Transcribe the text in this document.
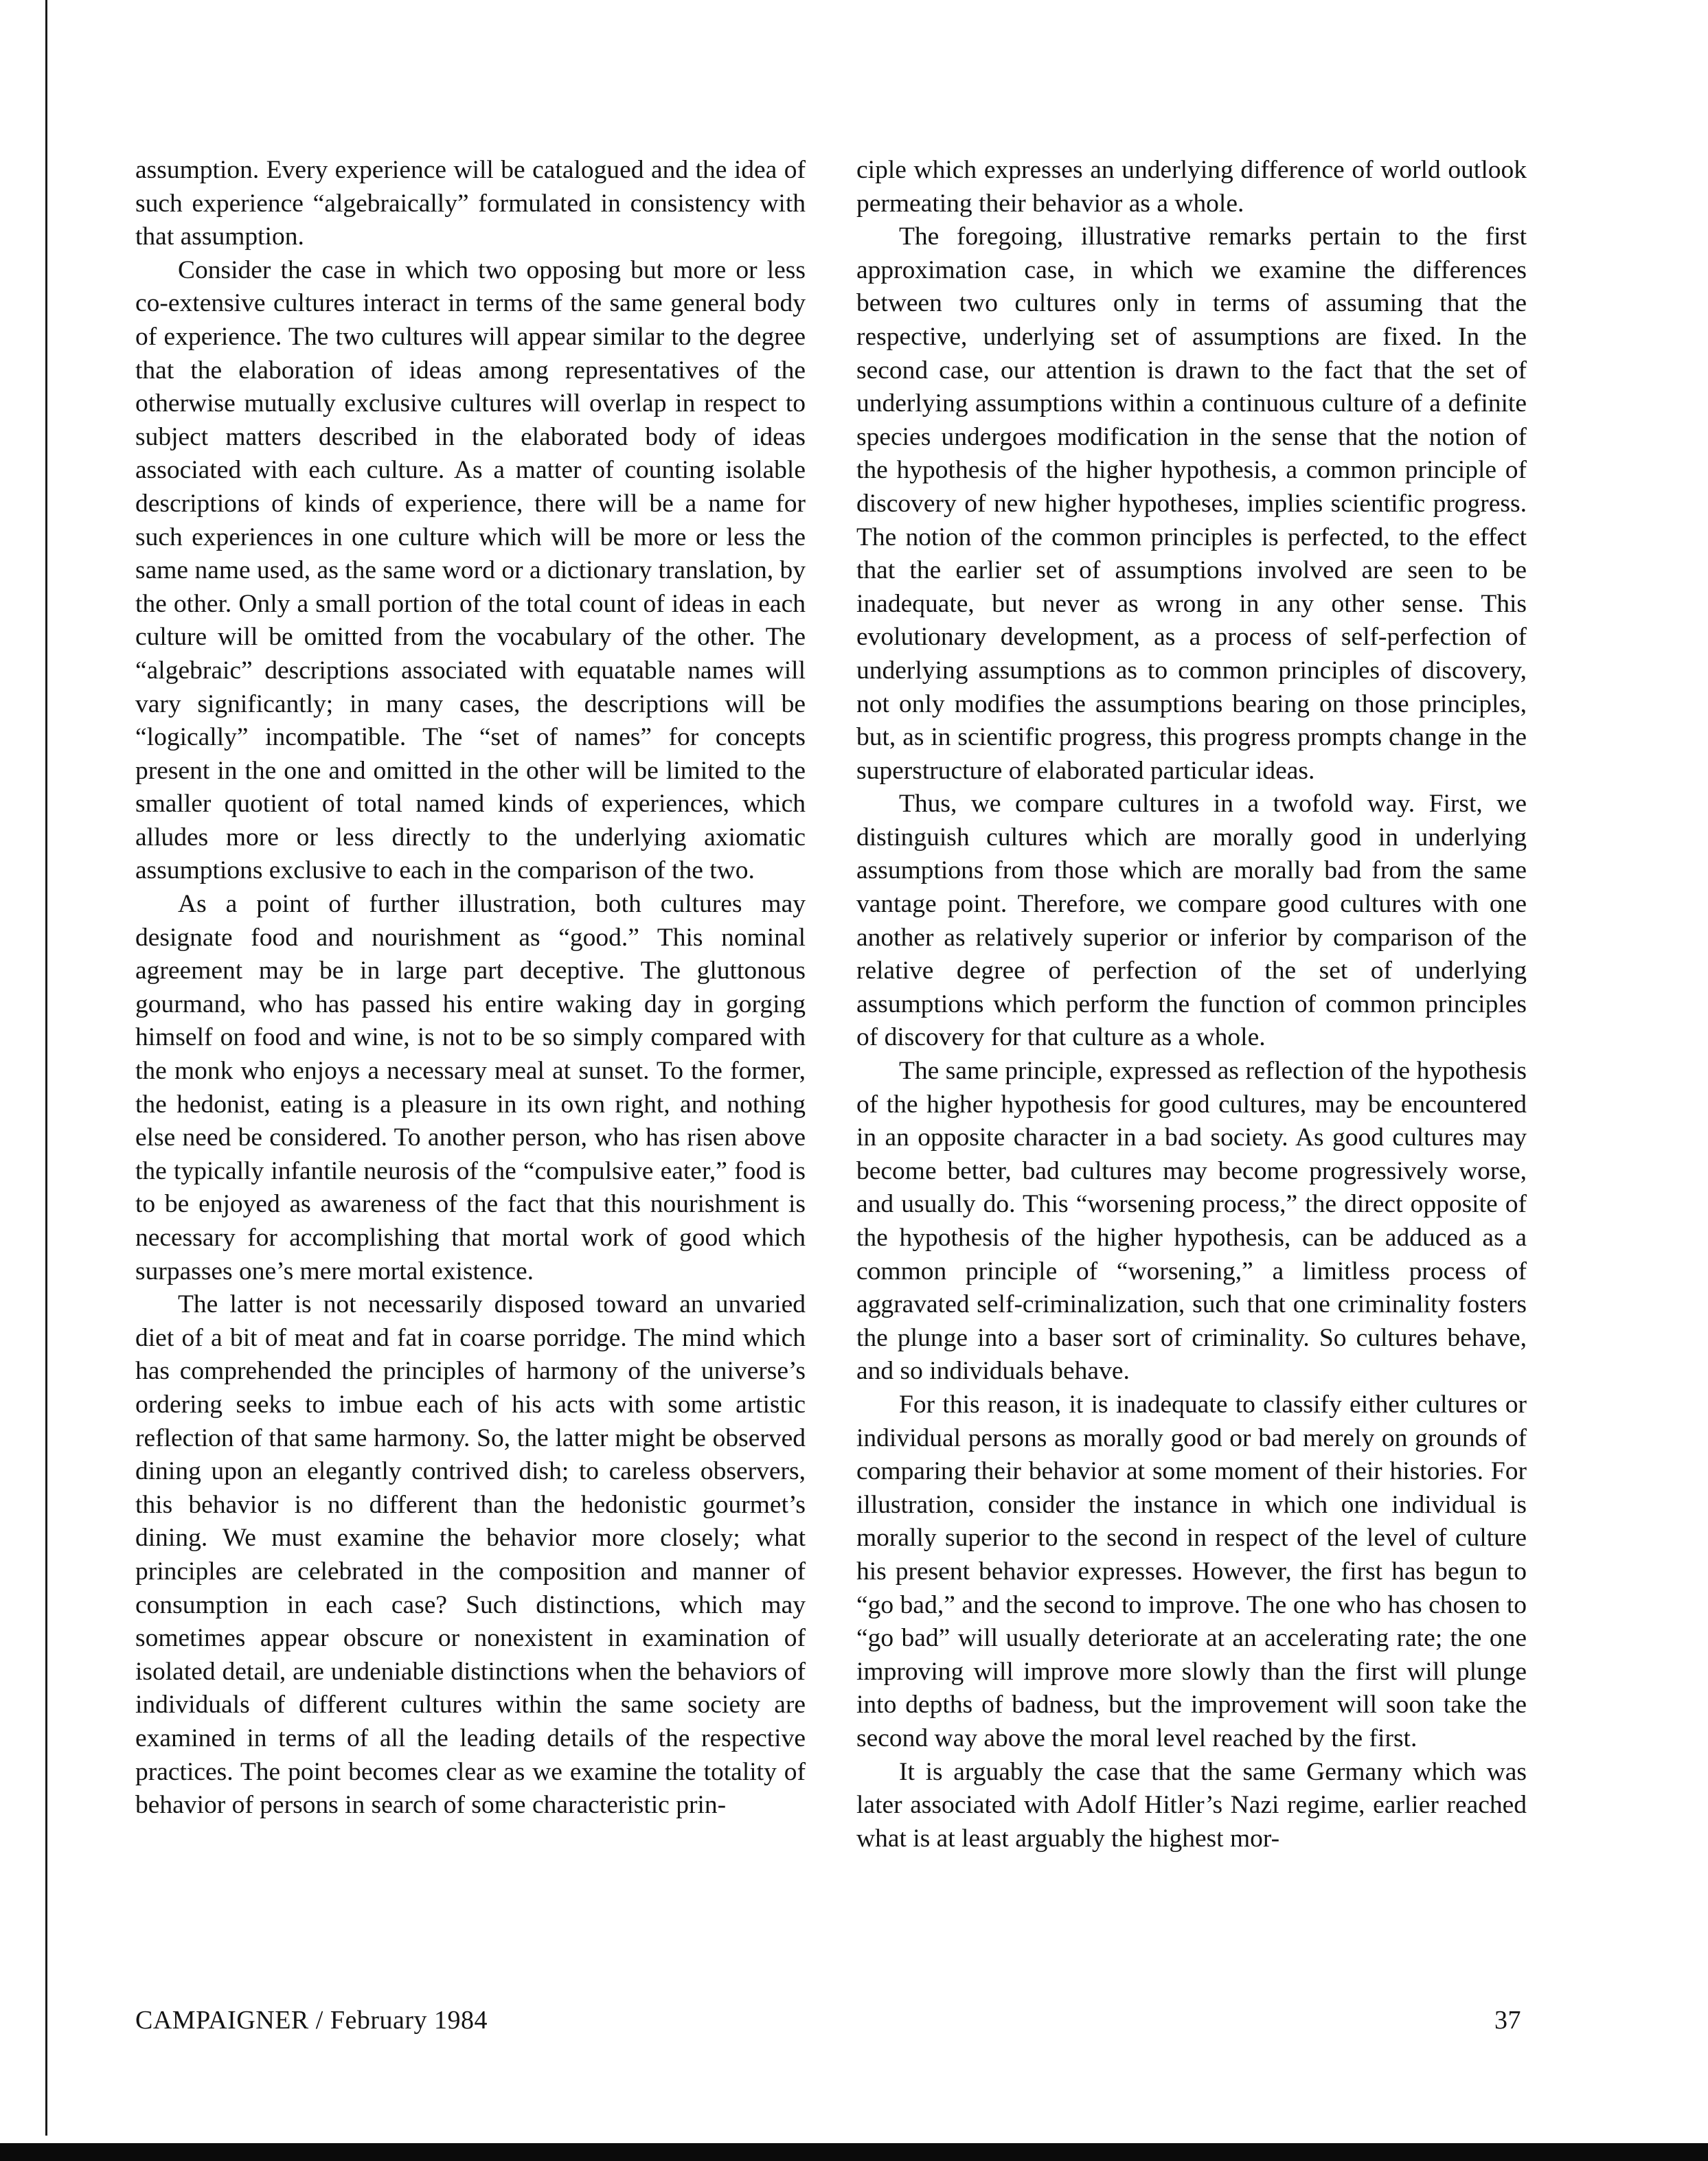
assumption. Every experience will be catalogued and the idea of such experience “algebraically” formulated in consistency with that assumption.

Consider the case in which two opposing but more or less co-extensive cultures interact in terms of the same general body of experience. The two cultures will appear similar to the degree that the elaboration of ideas among representatives of the otherwise mutually exclusive cultures will overlap in respect to subject matters described in the elaborated body of ideas associated with each culture. As a matter of counting isolable descriptions of kinds of experience, there will be a name for such experiences in one culture which will be more or less the same name used, as the same word or a dictionary translation, by the other. Only a small portion of the total count of ideas in each culture will be omitted from the vocabulary of the other. The “algebraic” descriptions associated with equatable names will vary significantly; in many cases, the descriptions will be “logically” incompatible. The “set of names” for concepts present in the one and omitted in the other will be limited to the smaller quotient of total named kinds of experiences, which alludes more or less directly to the underlying axiomatic assumptions exclusive to each in the comparison of the two.

As a point of further illustration, both cultures may designate food and nourishment as “good.” This nominal agreement may be in large part deceptive. The gluttonous gourmand, who has passed his entire waking day in gorging himself on food and wine, is not to be so simply compared with the monk who enjoys a necessary meal at sunset. To the former, the hedonist, eating is a pleasure in its own right, and nothing else need be considered. To another person, who has risen above the typically infantile neurosis of the “compulsive eater,” food is to be enjoyed as awareness of the fact that this nourishment is necessary for accomplishing that mortal work of good which surpasses one’s mere mortal existence.

The latter is not necessarily disposed toward an unvaried diet of a bit of meat and fat in coarse porridge. The mind which has comprehended the principles of harmony of the universe’s ordering seeks to imbue each of his acts with some artistic reflection of that same harmony. So, the latter might be observed dining upon an elegantly contrived dish; to careless observers, this behavior is no different than the hedonistic gourmet’s dining. We must examine the behavior more closely; what principles are celebrated in the composition and manner of consumption in each case? Such distinctions, which may sometimes appear obscure or nonexistent in examination of isolated detail, are undeniable distinctions when the behaviors of individuals of different cultures within the same society are examined in terms of all the leading details of the respective practices. The point becomes clear as we examine the totality of behavior of persons in search of some characteristic prin-

ciple which expresses an underlying difference of world outlook permeating their behavior as a whole.

The foregoing, illustrative remarks pertain to the first approximation case, in which we examine the differences between two cultures only in terms of assuming that the respective, underlying set of assumptions are fixed. In the second case, our attention is drawn to the fact that the set of underlying assumptions within a continuous culture of a definite species undergoes modification in the sense that the notion of the hypothesis of the higher hypothesis, a common principle of discovery of new higher hypotheses, implies scientific progress. The notion of the common principles is perfected, to the effect that the earlier set of assumptions involved are seen to be inadequate, but never as wrong in any other sense. This evolutionary development, as a process of self-perfection of underlying assumptions as to common principles of discovery, not only modifies the assumptions bearing on those principles, but, as in scientific progress, this progress prompts change in the superstructure of elaborated particular ideas.

Thus, we compare cultures in a twofold way. First, we distinguish cultures which are morally good in underlying assumptions from those which are morally bad from the same vantage point. Therefore, we compare good cultures with one another as relatively superior or inferior by comparison of the relative degree of perfection of the set of underlying assumptions which perform the function of common principles of discovery for that culture as a whole.

The same principle, expressed as reflection of the hypothesis of the higher hypothesis for good cultures, may be encountered in an opposite character in a bad society. As good cultures may become better, bad cultures may become progressively worse, and usually do. This “worsening process,” the direct opposite of the hypothesis of the higher hypothesis, can be adduced as a common principle of “worsening,” a limitless process of aggravated self-criminalization, such that one criminality fosters the plunge into a baser sort of criminality. So cultures behave, and so individuals behave.

For this reason, it is inadequate to classify either cultures or individual persons as morally good or bad merely on grounds of comparing their behavior at some moment of their histories. For illustration, consider the instance in which one individual is morally superior to the second in respect of the level of culture his present behavior expresses. However, the first has begun to “go bad,” and the second to improve. The one who has chosen to “go bad” will usually deteriorate at an accelerating rate; the one improving will improve more slowly than the first will plunge into depths of badness, but the improvement will soon take the second way above the moral level reached by the first.

It is arguably the case that the same Germany which was later associated with Adolf Hitler’s Nazi regime, earlier reached what is at least arguably the highest mor-

CAMPAIGNER / February 1984	37
